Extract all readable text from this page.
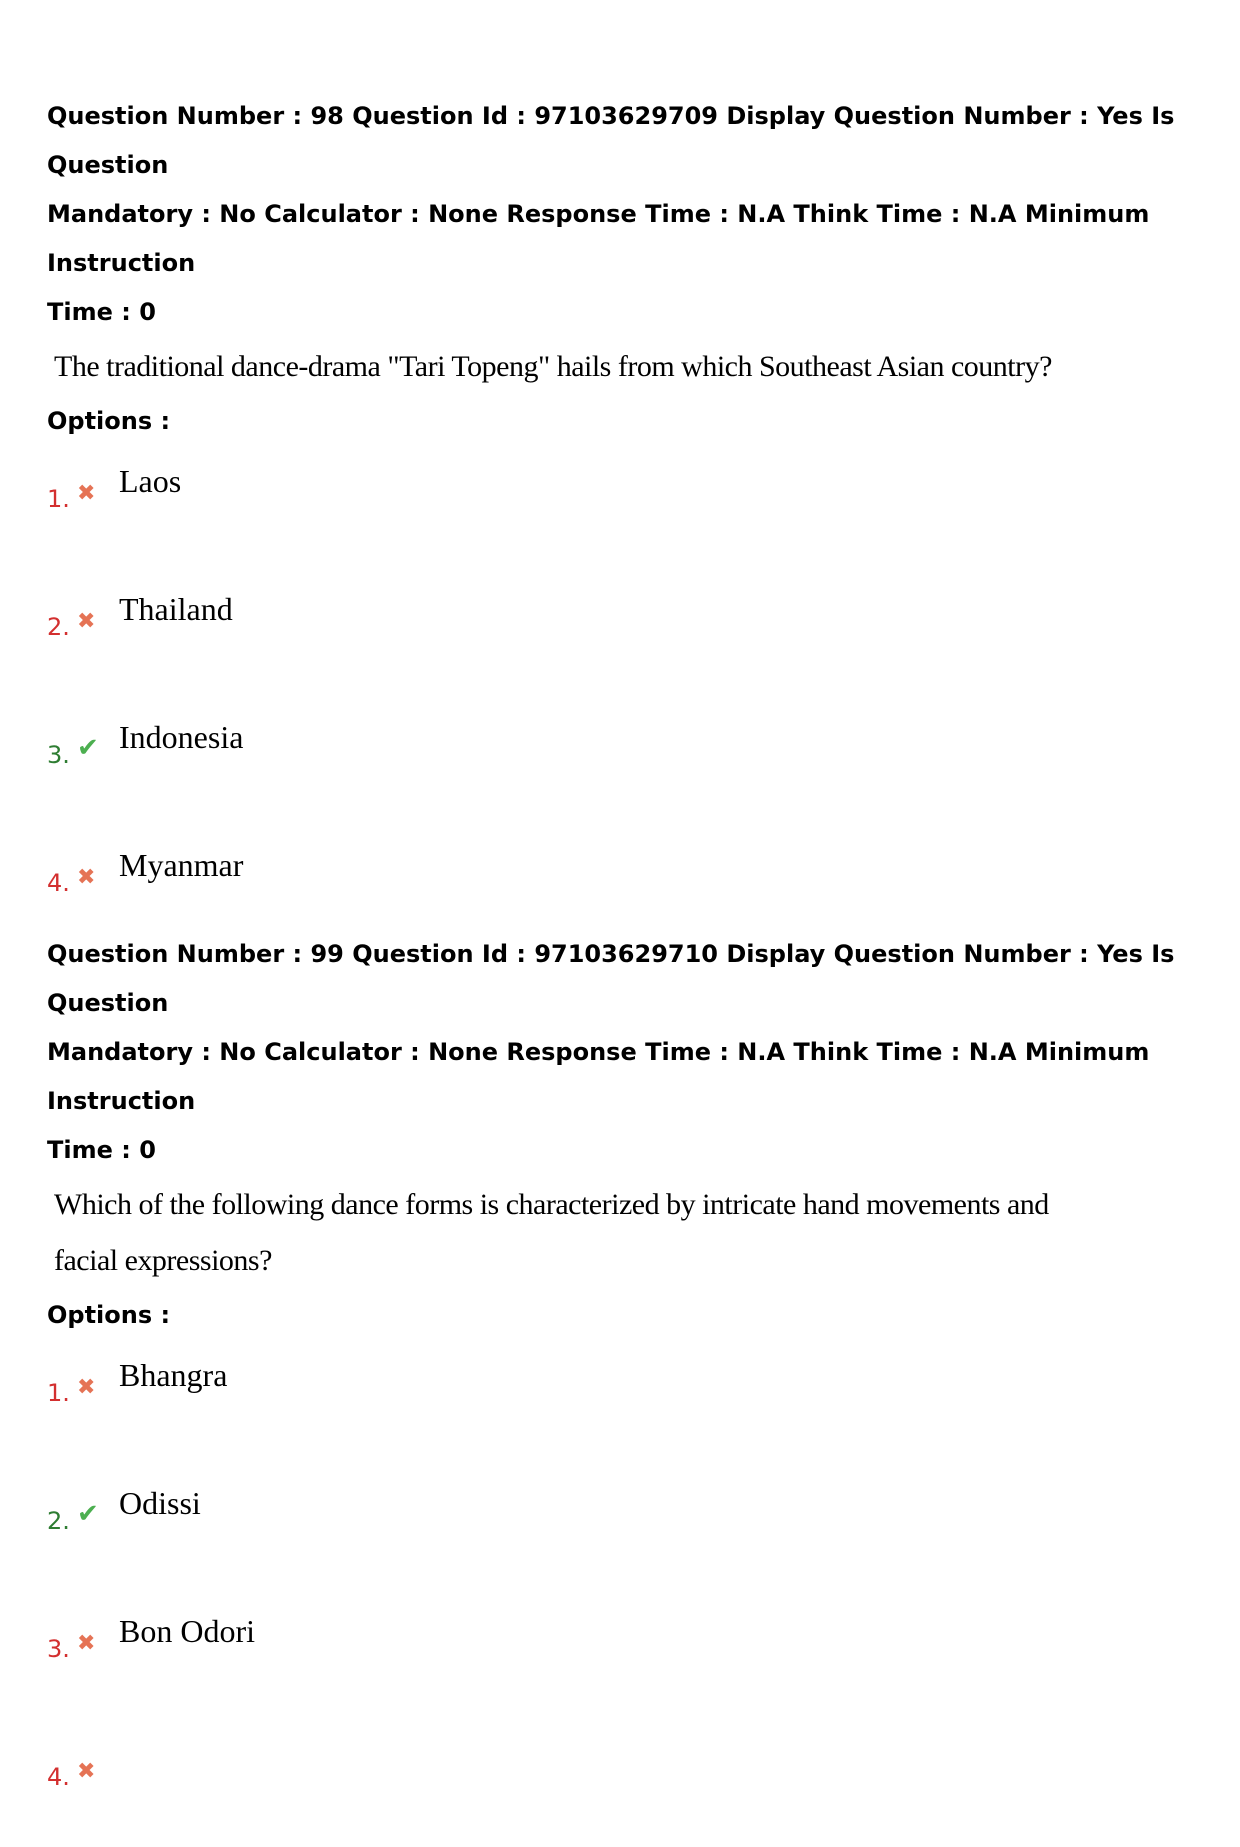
Question Number : 98 Question Id : 97103629709 Display Question Number : Yes Is Question
Mandatory : No Calculator : None Response Time : N.A Think Time : N.A Minimum Instruction
Time : 0
The traditional dance-drama "Tari Topeng" hails from which Southeast Asian country?
Options :
1. ✖ Laos
2. ✖ Thailand
3. ✔ Indonesia
4. ✖ Myanmar
Question Number : 99 Question Id : 97103629710 Display Question Number : Yes Is Question
Mandatory : No Calculator : None Response Time : N.A Think Time : N.A Minimum Instruction
Time : 0
Which of the following dance forms is characterized by intricate hand movements and
facial expressions?
Options :
1. ✖ Bhangra
2. ✔ Odissi
3. ✖ Bon Odori
4. ✖
